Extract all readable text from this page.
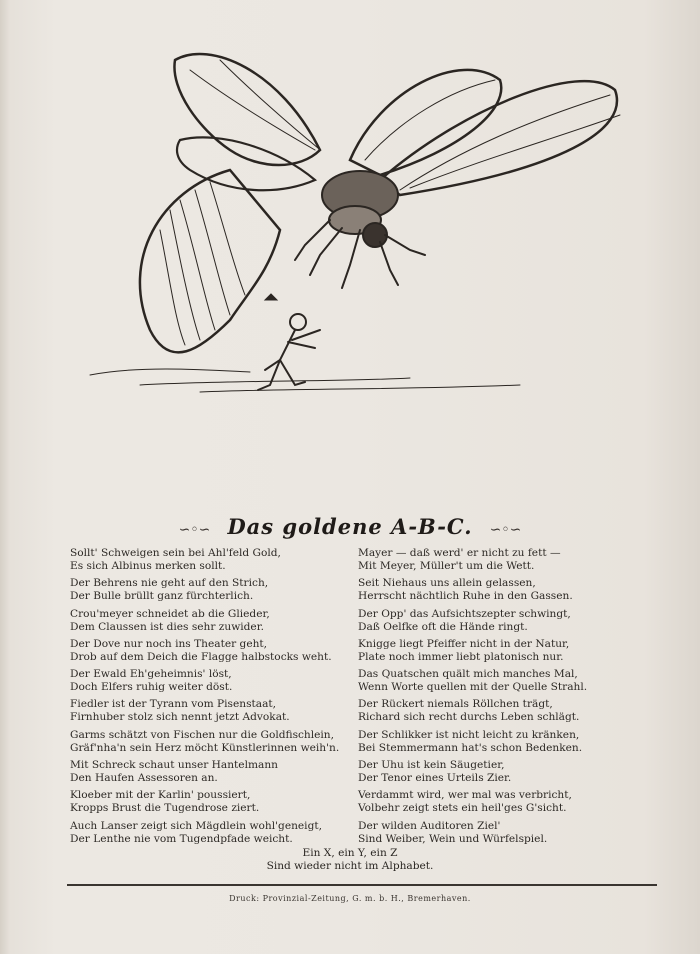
∽◦∽ Das goldene A-B-C. ∽◦∽
Sollt' Schweigen sein bei Ahl'feld Gold,
Es sich Albinus merken sollt.
Der Behrens nie geht auf den Strich,
Der Bulle brüllt ganz fürchterlich.
Crou'meyer schneidet ab die Glieder,
Dem Claussen ist dies sehr zuwider.
Der Dove nur noch ins Theater geht,
Drob auf dem Deich die Flagge halbstocks weht.
Der Ewald Eh'geheimnis' löst,
Doch Elfers ruhig weiter döst.
Fiedler ist der Tyrann vom Pisenstaat,
Firnhuber stolz sich nennt jetzt Advokat.
Garms schätzt von Fischen nur die Goldfischlein,
Gräf'nha'n sein Herz möcht Künstlerinnen weih'n.
Mit Schreck schaut unser Hantelmann
Den Haufen Assessoren an.
Kloeber mit der Karlin' poussiert,
Kropps Brust die Tugendrose ziert.
Auch Lanser zeigt sich Mägdlein wohl'geneigt,
Der Lenthe nie vom Tugendpfade weicht.
Mayer — daß werd' er nicht zu fett —
Mit Meyer, Müller't um die Wett.
Seit Niehaus uns allein gelassen,
Herrscht nächtlich Ruhe in den Gassen.
Der Opp' das Aufsichtszepter schwingt,
Daß Oelfke oft die Hände ringt.
Knigge liegt Pfeiffer nicht in der Natur,
Plate noch immer liebt platonisch nur.
Das Quatschen quält mich manches Mal,
Wenn Worte quellen mit der Quelle Strahl.
Der Rückert niemals Röllchen trägt,
Richard sich recht durchs Leben schlägt.
Der Schlikker ist nicht leicht zu kränken,
Bei Stemmermann hat's schon Bedenken.
Der Uhu ist kein Säugetier,
Der Tenor eines Urteils Zier.
Verdammt wird, wer mal was verbricht,
Volbehr zeigt stets ein heil'ges G'sicht.
Der wilden Auditoren Ziel'
Sind Weiber, Wein und Würfelspiel.
Ein X, ein Y, ein Z
Sind wieder nicht im Alphabet.
Druck: Provinzial-Zeitung, G. m. b. H., Bremerhaven.
